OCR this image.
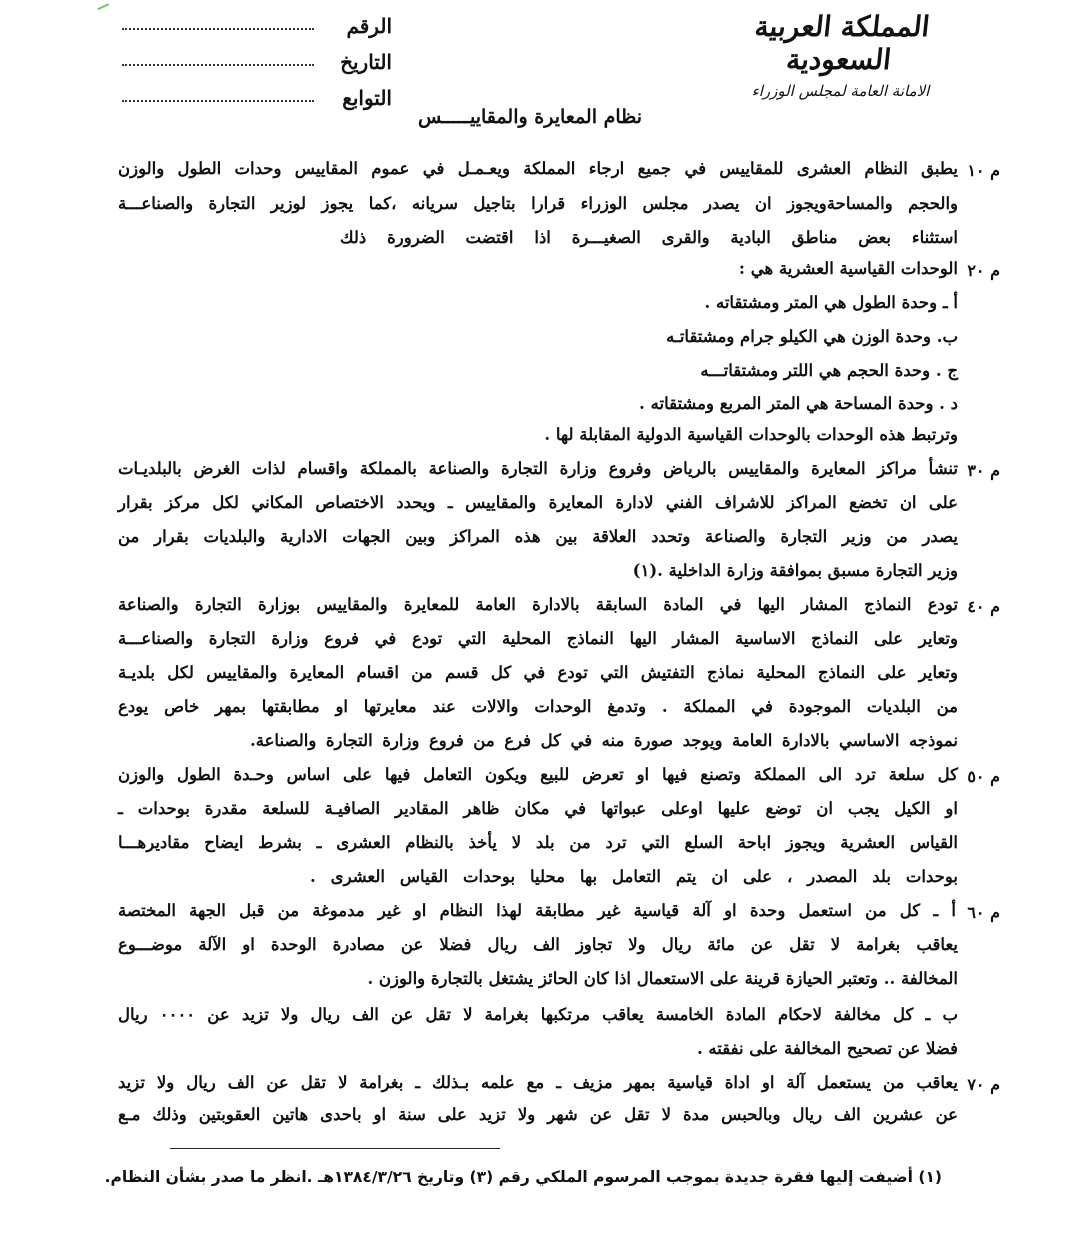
الرقم
التاريخ
التوابع
المملكة العربية السعودية
الامانة العامة لمجلس الوزراء
نظام المعايرة والمقاييـــــس
م ١٠
يطبق النظام العشرى للمقاييس في جميع ارجاء المملكة ويعـمـل في عموم المقاييس وحدات الطول والوزن
والحجم والمساحةويجوز ان يصدر مجلس الوزراء قرارا بتاجيل سريانه ،كما يجوز لوزير التجارة والصناعـــة
استثناء بعض مناطق البادية والقرى الصغيـــرة اذا اقتضت الضرورة ذلك
م ٢٠
الوحدات القياسية العشرية هي :
أ ـ وحدة الطول هي المتر ومشتقاته .
ب. وحدة الوزن هي الكيلو جرام ومشتقاتـه
ج . وحدة الحجم هي اللتر ومشتقاتـــه
د . وحدة المساحة هي المتر المربع ومشتقاته .
وترتبط هذه الوحدات بالوحدات القياسية الدولية المقابلة لها .
م ٣٠
تنشأ مراكز المعايرة والمقاييس بالرياض وفروع وزارة التجارة والصناعة بالمملكة واقسام لذات الغرض بالبلديـات
على ان تخضع المراكز للاشراف الفني لادارة المعايرة والمقاييس ـ ويحدد الاختصاص المكاني لكل مركز بقرار
يصدر من وزير التجارة والصناعة وتحدد العلاقة بين هذه المراكز وبين الجهات الادارية والبلديات بقرار من
وزير التجارة مسبق بموافقة وزارة الداخلية .(١)
م ٤٠
تودع النماذج المشار اليها في المادة السابقة بالادارة العامة للمعايرة والمقاييس بوزارة التجارة والصناعة
وتعاير على النماذج الاساسية المشار اليها النماذج المحلية التي تودع في فروع وزارة التجارة والصناعـــة
وتعاير على النماذج المحلية نماذج التفتيش التي تودع في كل قسم من اقسام المعايرة والمقاييس لكل بلديـة
من البلديات الموجودة في المملكة . وتدمغ الوحدات والالات عند معايرتها او مطابقتها بمهر خاص يودع
نموذجه الاساسي بالادارة العامة ويوجد صورة منه في كل فرع من فروع وزارة التجارة والصناعة.
م ٥٠
كل سلعة ترد الى المملكة وتصنع فيها او تعرض للبيع ويكون التعامل فيها على اساس وحـدة الطول والوزن
او الكيل يجب ان توضع عليها اوعلى عبواتها في مكان ظاهر المقادير الصافيـة للسلعة مقدرة بوحدات ـ
القياس العشرية ويجوز اباحة السلع التي ترد من بلد لا يأخذ بالنظام العشرى ـ بشرط ايضاح مقاديرهـــا
بوحدات بلد المصدر ، على ان يتم التعامل بها محليا بوحدات القياس العشرى .
م ٦٠
أ ـ كل من استعمل وحدة او آلة قياسية غير مطابقة لهذا النظام او غير مدموغة من قبل الجهة المختصة
يعاقب بغرامة لا تقل عن مائة ريال ولا تجاوز الف ريال فضلا عن مصادرة الوحدة او الآلة موضـــوع
المخالفة .. وتعتبر الحيازة قرينة على الاستعمال اذا كان الحائز يشتغل بالتجارة والوزن .
ب ـ كل مخالفة لاحكام المادة الخامسة يعاقب مرتكبها بغرامة لا تقل عن الف ريال ولا تزيد عن ٠٠٠٠ ريال
فضلا عن تصحيح المخالفة على نفقته .
م ٧٠
يعاقب من يستعمل آلة او اداة قياسية بمهر مزيف ـ مع علمه بـذلك ـ بغرامة لا تقل عن الف ريال ولا تزيد
عن عشرين الف ريال وبالحبس مدة لا تقل عن شهر ولا تزيد على سنة او باحدى هاتين العقوبتين وذلك مـع
(١) أضيفت إليها فقرة جديدة بموجب المرسوم الملكي رقم (٣) وتاريخ ١٣٨٤/٣/٢٦هـ .انظر ما صدر بشأن النظام.
